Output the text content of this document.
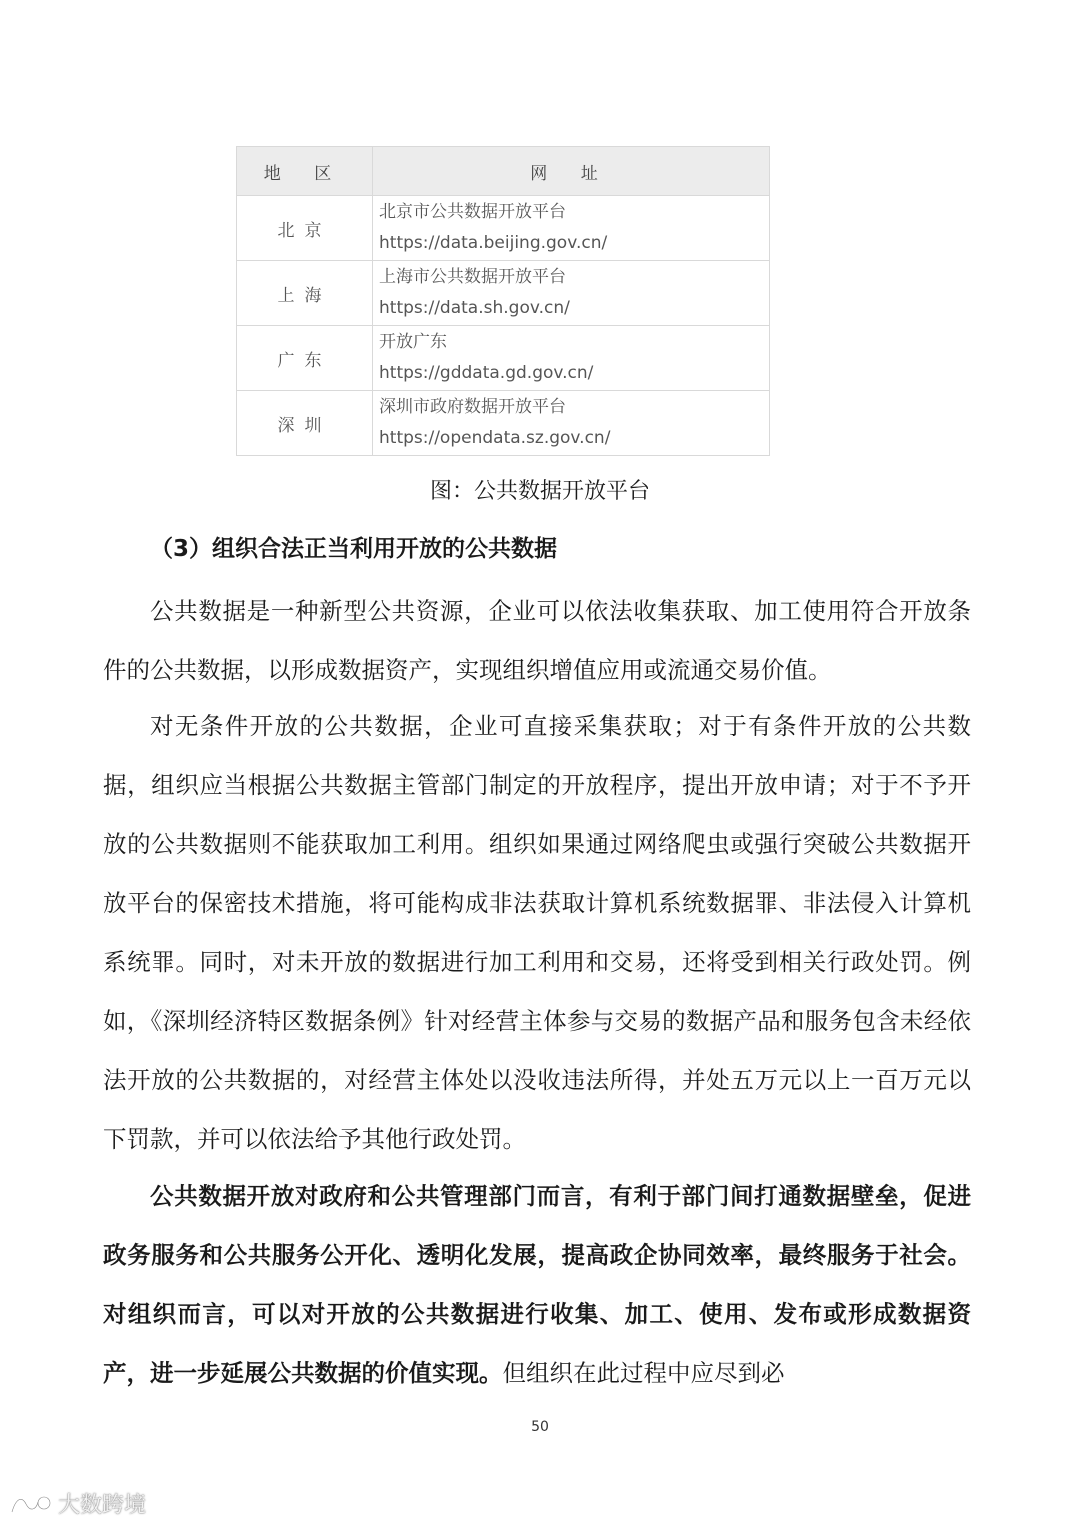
地 区	网 址
北京	北京市公共数据开放平台
https://data.beijing.gov.cn/

上海	上海市公共数据开放平台
https://data.sh.gov.cn/

广东	开放广东
https://gddata.gd.gov.cn/

深圳	深圳市政府数据开放平台
https://opendata.sz.gov.cn/
图：公共数据开放平台
（3）组织合法正当利用开放的公共数据

公共数据是一种新型公共资源，企业可以依法收集获取、加工使用符合开放条件的公共数据，以形成数据资产，实现组织增值应用或流通交易价值。

对无条件开放的公共数据，企业可直接采集获取；对于有条件开放的公共数据，组织应当根据公共数据主管部门制定的开放程序，提出开放申请；对于不予开放的公共数据则不能获取加工利用。组织如果通过网络爬虫或强行突破公共数据开放平台的保密技术措施，将可能构成非法获取计算机系统数据罪、非法侵入计算机系统罪。同时，对未开放的数据进行加工利用和交易，还将受到相关行政处罚。例如，《深圳经济特区数据条例》针对经营主体参与交易的数据产品和服务包含未经依法开放的公共数据的，对经营主体处以没收违法所得，并处五万元以上一百万元以下罚款，并可以依法给予其他行政处罚。

公共数据开放对政府和公共管理部门而言，有利于部门间打通数据壁垒，促进政务服务和公共服务公开化、透明化发展，提高政企协同效率，最终服务于社会。对组织而言，可以对开放的公共数据进行收集、加工、使用、发布或形成数据资产，进一步延展公共数据的价值实现。但组织在此过程中应尽到必

50
大数跨境
